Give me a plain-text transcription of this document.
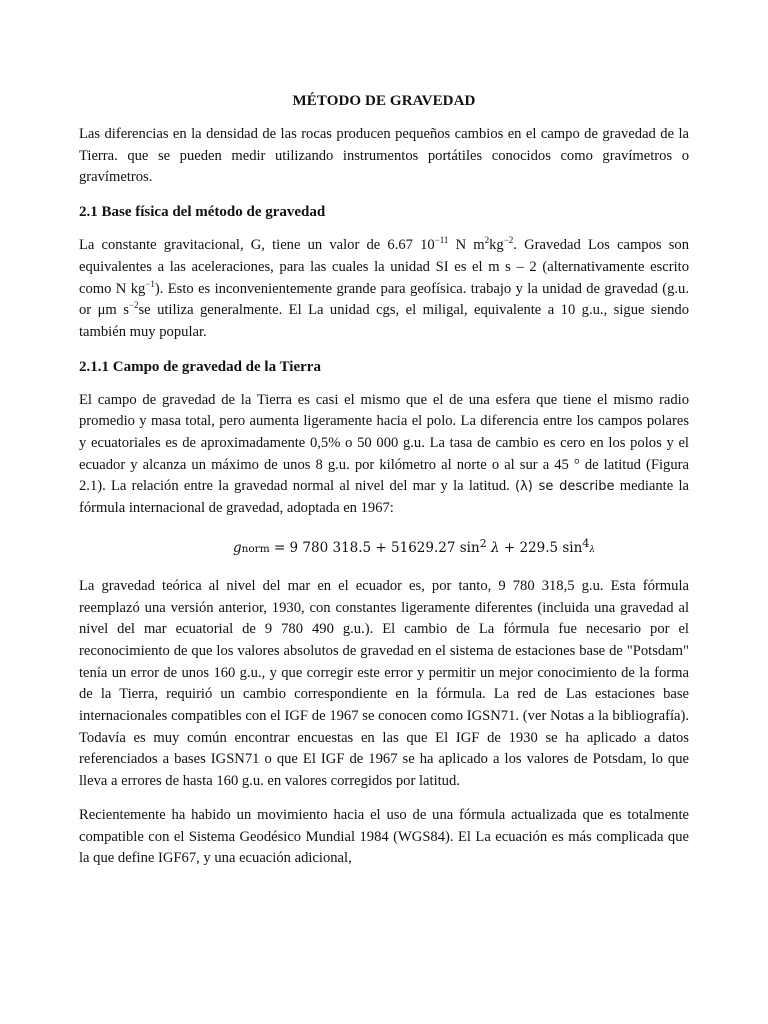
MÉTODO DE GRAVEDAD

Las diferencias en la densidad de las rocas producen pequeños cambios en el campo de gravedad de la Tierra. que se pueden medir utilizando instrumentos portátiles conocidos como gravímetros o gravímetros.

2.1 Base física del método de gravedad

La constante gravitacional, G, tiene un valor de 6.67 $10^{-11}$ N $m^2kg^{-2}$. Gravedad Los campos son equivalentes a las aceleraciones, para las cuales la unidad SI es el m s – 2 (alternativamente escrito como N $kg^{-1}$). Esto es inconvenientemente grande para geofísica. trabajo y la unidad de gravedad (g.u. or μm $s^{-2}se$ utiliza generalmente. El La unidad cgs, el miligal, equivalente a 10 g.u., sigue siendo también muy popular.

2.1.1 Campo de gravedad de la Tierra

El campo de gravedad de la Tierra es casi el mismo que el de una esfera que tiene el mismo radio promedio y masa total, pero aumenta ligeramente hacia el polo. La diferencia entre los campos polares y ecuatoriales es de aproximadamente 0,5% o 50 000 g.u. La tasa de cambio es cero en los polos y el ecuador y alcanza un máximo de unos 8 g.u. por kilómetro al norte o al sur a 45 ° de latitud (Figura 2.1). La relación entre la gravedad normal al nivel del mar y la latitud. (λ) se describe mediante la fórmula internacional de gravedad, adoptada en 1967:

gnorm = 9 780 318.5 + 51629.27 $\sin^2 \lambda + 229.5$ $\sin^4\lambda$

La gravedad teórica al nivel del mar en el ecuador es, por tanto, 9 780 318,5 g.u. Esta fórmula reemplazó una versión anterior, 1930, con constantes ligeramente diferentes (incluida una gravedad al nivel del mar ecuatorial de 9 780 490 g.u.). El cambio de La fórmula fue necesario por el reconocimiento de que los valores absolutos de gravedad en el sistema de estaciones base de "Potsdam" tenía un error de unos 160 g.u., y que corregir este error y permitir un mejor conocimiento de la forma de la Tierra, requirió un cambio correspondiente en la fórmula. La red de Las estaciones base internacionales compatibles con el IGF de 1967 se conocen como IGSN71. (ver Notas a la bibliografía). Todavía es muy común encontrar encuestas en las que El IGF de 1930 se ha aplicado a datos referenciados a bases IGSN71 o que El IGF de 1967 se ha aplicado a los valores de Potsdam, lo que lleva a errores de hasta 160 g.u. en valores corregidos por latitud.

Recientemente ha habido un movimiento hacia el uso de una fórmula actualizada que es totalmente compatible con el Sistema Geodésico Mundial 1984 (WGS84). El La ecuación es más complicada que la que define IGF67, y una ecuación adicional,
